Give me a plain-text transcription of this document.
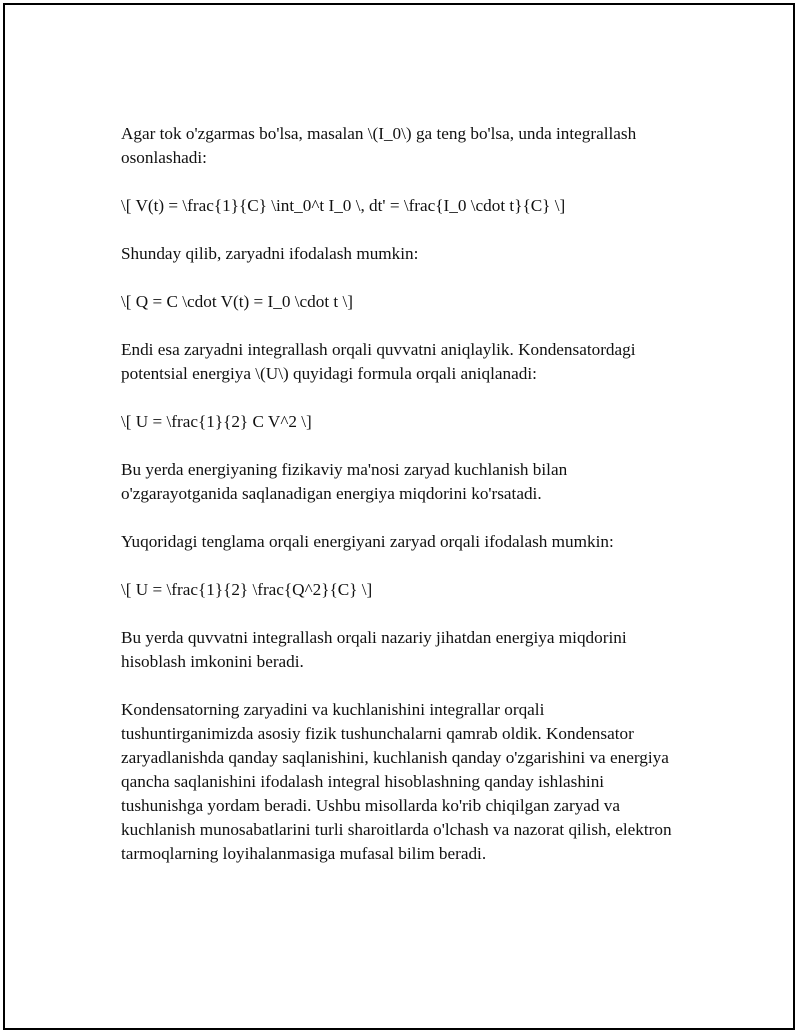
Agar tok o'zgarmas bo'lsa, masalan \(I_0\) ga teng bo'lsa, unda integrallash osonlashadi:

\[ V(t) = \frac{1}{C} \int_0^t I_0 \, dt' = \frac{I_0 \cdot t}{C} \]

Shunday qilib, zaryadni ifodalash mumkin:

\[ Q = C \cdot V(t) = I_0 \cdot t \]

Endi esa zaryadni integrallash orqali quvvatni aniqlaylik. Kondensatordagi potentsial energiya \(U\) quyidagi formula orqali aniqlanadi:

\[ U = \frac{1}{2} C V^2 \]

Bu yerda energiyaning fizikaviy ma'nosi zaryad kuchlanish bilan o'zgarayotganida saqlanadigan energiya miqdorini ko'rsatadi.

Yuqoridagi tenglama orqali energiyani zaryad orqali ifodalash mumkin:

\[ U = \frac{1}{2} \frac{Q^2}{C} \]

Bu yerda quvvatni integrallash orqali nazariy jihatdan energiya miqdorini hisoblash imkonini beradi.

Kondensatorning zaryadini va kuchlanishini integrallar orqali tushuntirganimizda asosiy fizik tushunchalarni qamrab oldik. Kondensator zaryadlanishda qanday saqlanishini, kuchlanish qanday o'zgarishini va energiya qancha saqlanishini ifodalash integral hisoblashning qanday ishlashini tushunishga yordam beradi. Ushbu misollarda ko'rib chiqilgan zaryad va kuchlanish munosabatlarini turli sharoitlarda o'lchash va nazorat qilish, elektron tarmoqlarning loyihalanmasiga mufasal bilim beradi.
